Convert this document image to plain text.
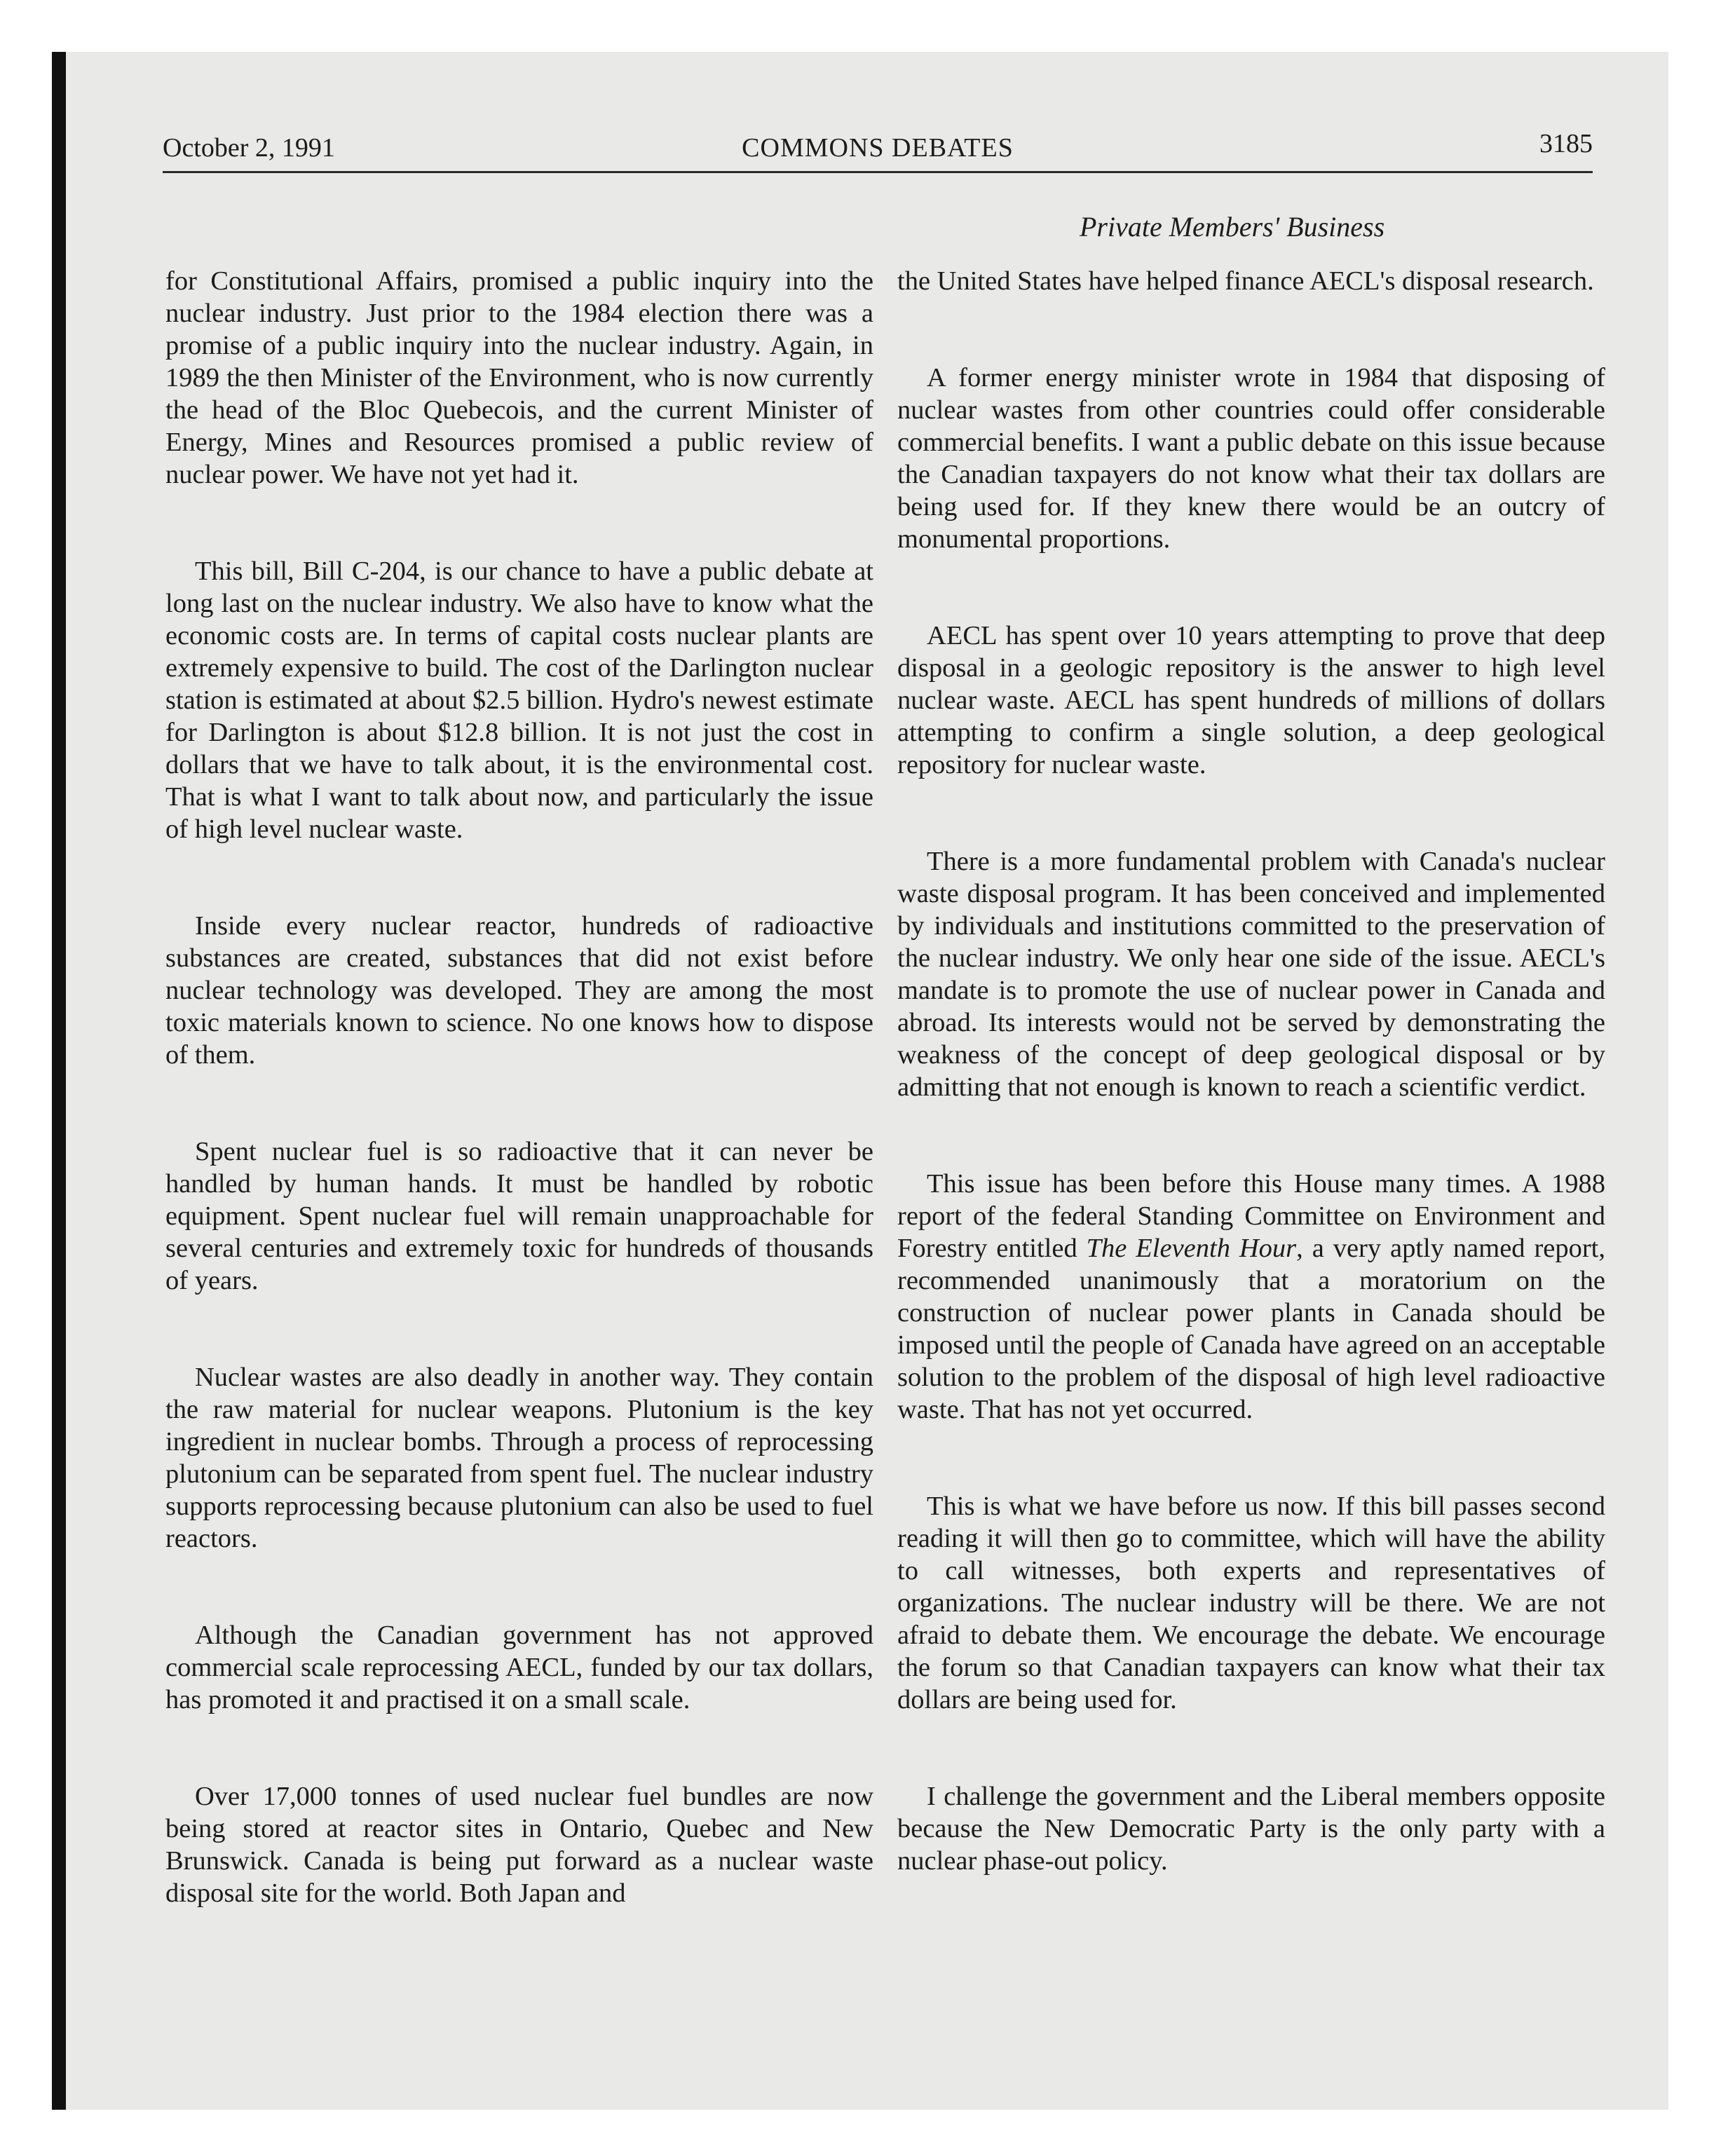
October 2, 1991	COMMONS DEBATES	3185
Private Members' Business

for Constitutional Affairs, promised a public inquiry into the nuclear industry. Just prior to the 1984 election there was a promise of a public inquiry into the nuclear industry. Again, in 1989 the then Minister of the Environment, who is now currently the head of the Bloc Quebecois, and the current Minister of Energy, Mines and Resources promised a public review of nuclear power. We have not yet had it.

This bill, Bill C-204, is our chance to have a public debate at long last on the nuclear industry. We also have to know what the economic costs are. In terms of capital costs nuclear plants are extremely expensive to build. The cost of the Darlington nuclear station is estimated at about $2.5 billion. Hydro's newest estimate for Darlington is about $12.8 billion. It is not just the cost in dollars that we have to talk about, it is the environmental cost. That is what I want to talk about now, and particularly the issue of high level nuclear waste.

Inside every nuclear reactor, hundreds of radioactive substances are created, substances that did not exist before nuclear technology was developed. They are among the most toxic materials known to science. No one knows how to dispose of them.

Spent nuclear fuel is so radioactive that it can never be handled by human hands. It must be handled by robotic equipment. Spent nuclear fuel will remain unapproachable for several centuries and extremely toxic for hundreds of thousands of years.

Nuclear wastes are also deadly in another way. They contain the raw material for nuclear weapons. Plutonium is the key ingredient in nuclear bombs. Through a process of reprocessing plutonium can be separated from spent fuel. The nuclear industry supports reprocessing because plutonium can also be used to fuel reactors.

Although the Canadian government has not approved commercial scale reprocessing AECL, funded by our tax dollars, has promoted it and practised it on a small scale.

Over 17,000 tonnes of used nuclear fuel bundles are now being stored at reactor sites in Ontario, Quebec and New Brunswick. Canada is being put forward as a nuclear waste disposal site for the world. Both Japan and

the United States have helped finance AECL's disposal research.

A former energy minister wrote in 1984 that disposing of nuclear wastes from other countries could offer considerable commercial benefits. I want a public debate on this issue because the Canadian taxpayers do not know what their tax dollars are being used for. If they knew there would be an outcry of monumental proportions.

AECL has spent over 10 years attempting to prove that deep disposal in a geologic repository is the answer to high level nuclear waste. AECL has spent hundreds of millions of dollars attempting to confirm a single solution, a deep geological repository for nuclear waste.

There is a more fundamental problem with Canada's nuclear waste disposal program. It has been conceived and implemented by individuals and institutions committed to the preservation of the nuclear industry. We only hear one side of the issue. AECL's mandate is to promote the use of nuclear power in Canada and abroad. Its interests would not be served by demonstrating the weakness of the concept of deep geological disposal or by admitting that not enough is known to reach a scientific verdict.

This issue has been before this House many times. A 1988 report of the federal Standing Committee on Environment and Forestry entitled The Eleventh Hour, a very aptly named report, recommended unanimously that a moratorium on the construction of nuclear power plants in Canada should be imposed until the people of Canada have agreed on an acceptable solution to the problem of the disposal of high level radioactive waste. That has not yet occurred.

This is what we have before us now. If this bill passes second reading it will then go to committee, which will have the ability to call witnesses, both experts and representatives of organizations. The nuclear industry will be there. We are not afraid to debate them. We encourage the debate. We encourage the forum so that Canadian taxpayers can know what their tax dollars are being used for.

I challenge the government and the Liberal members opposite because the New Democratic Party is the only party with a nuclear phase-out policy.
